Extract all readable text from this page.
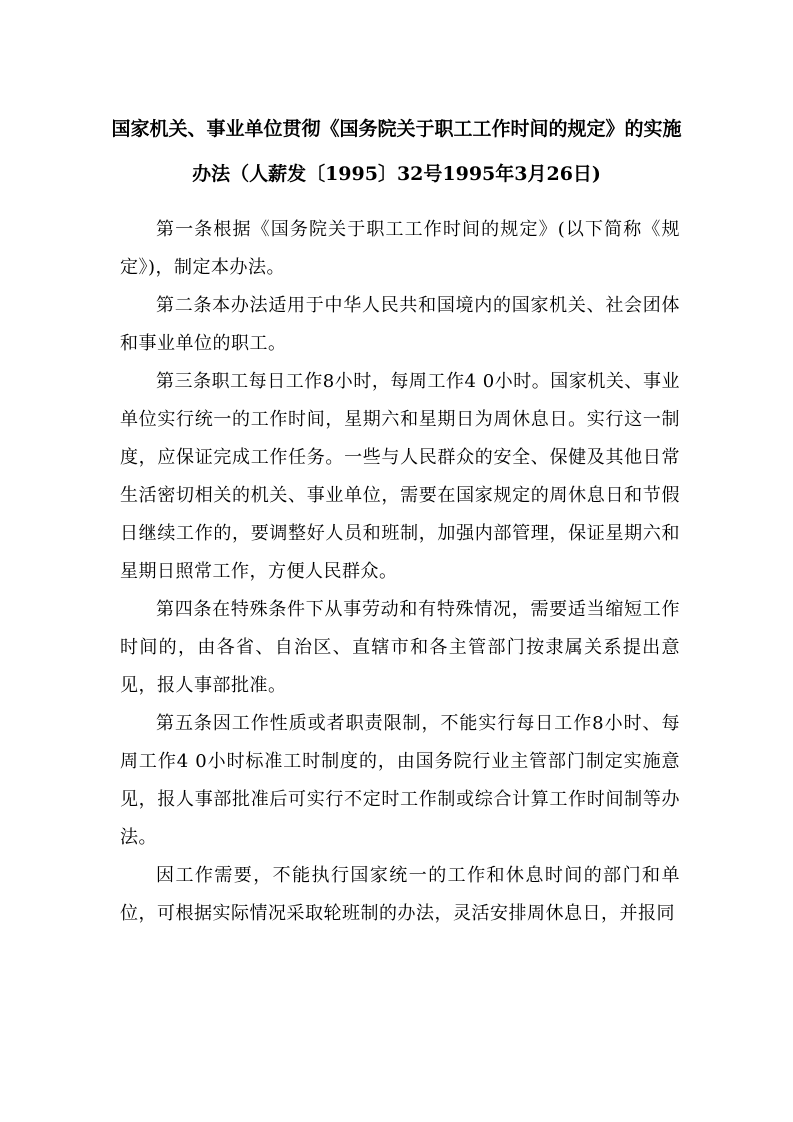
国家机关、事业单位贯彻《国务院关于职工工作时间的规定》的实施
办法（人薪发〔1995〕32号1995年3月26日)

第一条根据《国务院关于职工工作时间的规定》(以下简称《规定》)，制定本办法。

第二条本办法适用于中华人民共和国境内的国家机关、社会团体和事业单位的职工。

第三条职工每日工作8小时，每周工作4 0小时。国家机关、事业单位实行统一的工作时间，星期六和星期日为周休息日。实行这一制度，应保证完成工作任务。一些与人民群众的安全、保健及其他日常生活密切相关的机关、事业单位，需要在国家规定的周休息日和节假日继续工作的，要调整好人员和班制，加强内部管理，保证星期六和星期日照常工作，方便人民群众。

第四条在特殊条件下从事劳动和有特殊情况，需要适当缩短工作时间的，由各省、自治区、直辖市和各主管部门按隶属关系提出意见，报人事部批准。

第五条因工作性质或者职责限制，不能实行每日工作8小时、每周工作4 0小时标准工时制度的，由国务院行业主管部门制定实施意见，报人事部批准后可实行不定时工作制或综合计算工作时间制等办法。

因工作需要，不能执行国家统一的工作和休息时间的部门和单位，可根据实际情况采取轮班制的办法，灵活安排周休息日，并报同
